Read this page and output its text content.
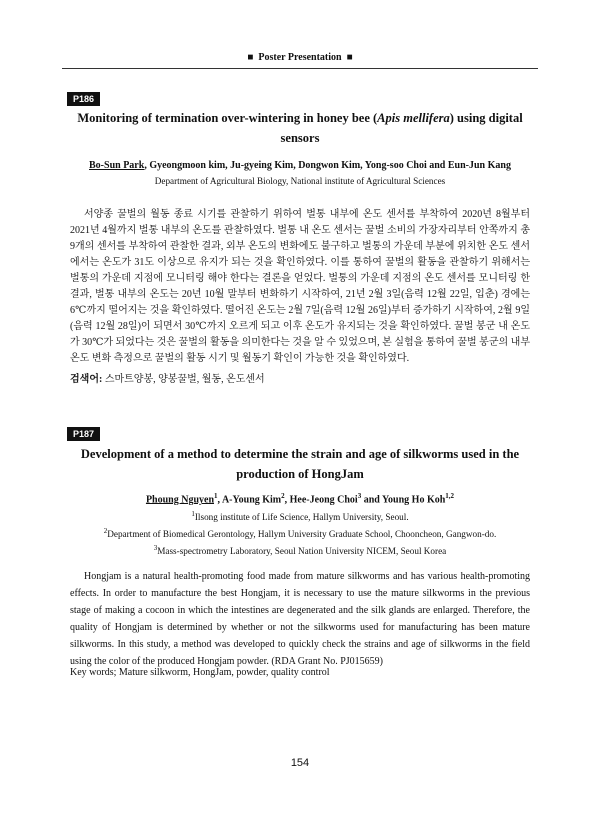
■ Poster Presentation ■
P186
Monitoring of termination over-wintering in honey bee (Apis mellifera) using digital sensors
Bo-Sun Park, Gyeongmoon kim, Ju-gyeing Kim, Dongwon Kim, Yong-soo Choi and Eun-Jun Kang
Department of Agricultural Biology, National institute of Agricultural Sciences

서양종 꿀벌의 월동 종료 시기를 관찰하기 위하여 벌통 내부에 온도 센서를 부착하여 2020년 8월부터 2021년 4월까지 벌통 내부의 온도를 관찰하였다. 벌통 내 온도 센서는 꿀벌 소비의 가장자리부터 안쪽까지 총 9개의 센서를 부착하여 관찰한 결과, 외부 온도의 변화에도 불구하고 벌통의 가운데 부분에 위치한 온도 센서에서는 온도가 31도 이상으로 유지가 되는 것을 확인하였다. 이를 통하여 꿀벌의 활동을 관찰하기 위해서는 벌통의 가운데 지점에 모니터링 해야 한다는 결론을 얻었다. 벌통의 가운데 지점의 온도 센서를 모니터링 한 결과, 벌통 내부의 온도는 20년 10월 말부터 변화하기 시작하여, 21년 2월 3일(음력 12월 22일, 입춘) 경에는 6℃까지 떨어지는 것을 확인하였다. 떨어진 온도는 2월 7일(음력 12월 26일)부터 증가하기 시작하여, 2월 9일(음력 12월 28일)이 되면서 30℃까지 오르게 되고 이후 온도가 유지되는 것을 확인하였다. 꿀벌 봉군 내 온도가 30℃가 되었다는 것은 꿀벌의 활동을 의미한다는 것을 알 수 있었으며, 본 실험을 통하여 꿀벌 봉군의 내부 온도 변화 측정으로 꿀벌의 활동 시기 및 월동기 확인이 가능한 것을 확인하였다.

검색어: 스마트양봉, 양봉꿀벌, 월동, 온도센서
P187
Development of a method to determine the strain and age of silkworms used in the
production of HongJam
Phoung Nguyen$^1$, A-Young Kim$^2$, Hee-Jeong Choi$^3$ and Young Ho Koh$^{1,2}$
$^1$Ilsong institute of Life Science, Hallym University, Seoul.
$^2$Department of Biomedical Gerontology, Hallym University Graduate School, Chooncheon, Gangwon-do.
$^3$Mass-spectrometry Laboratory, Seoul Nation University NICEM, Seoul Korea

Hongjam is a natural health-promoting food made from mature silkworms and has various health-promoting effects. In order to manufacture the best Hongjam, it is necessary to use the mature silkworms in the previous stage of making a cocoon in which the intestines are degenerated and the silk glands are enlarged. Therefore, the quality of Hongjam is determined by whether or not the silkworms used for manufacturing has been mature silkworms. In this study, a method was developed to quickly check the strains and age of silkworms in the field using the color of the produced Hongjam powder. (RDA Grant No. PJ015659)

Key words; Mature silkworm, HongJam, powder, quality control
154
